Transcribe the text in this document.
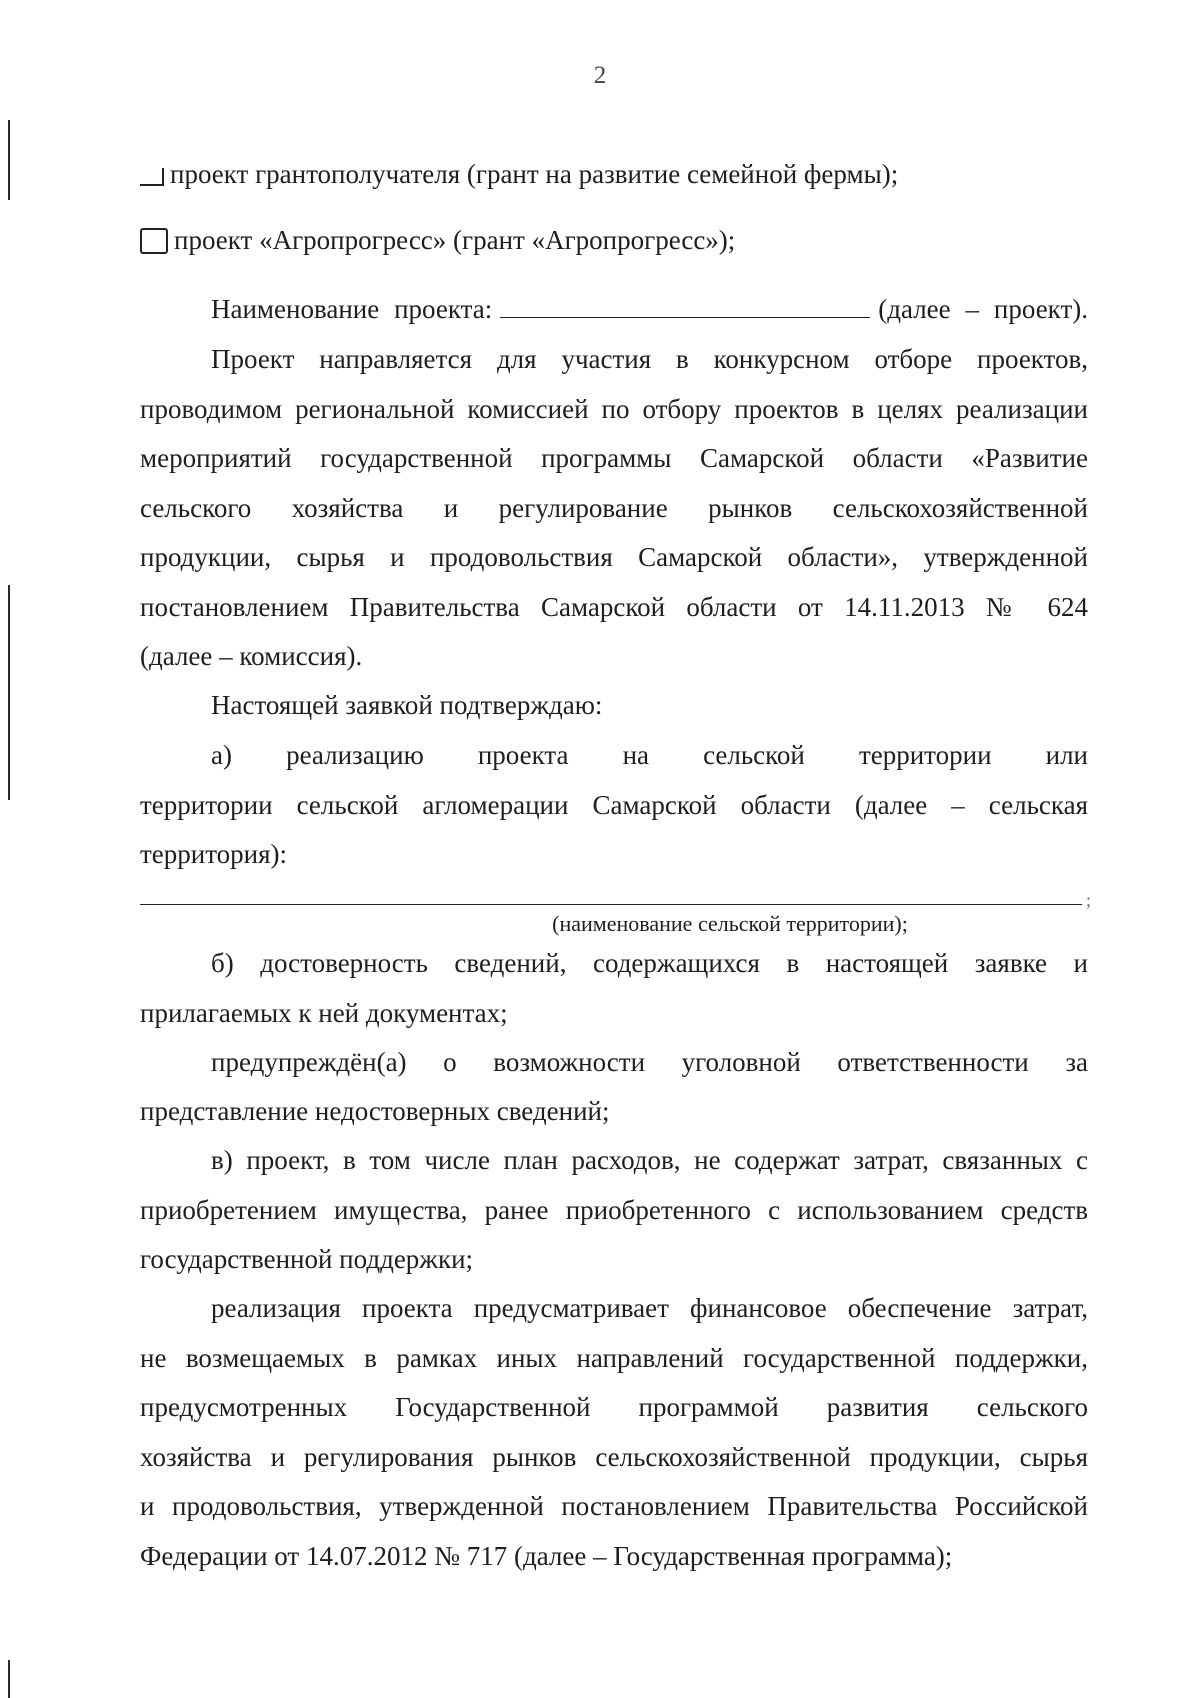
2
проект грантополучателя (грант на развитие семейной фермы);
проект «Агропрогресс» (грант «Агропрогресс»);
Наименование проекта:	(далее – проект).
Проект направляется для участия в конкурсном отборе проектов,
проводимом региональной комиссией по отбору проектов в целях реализации
мероприятий государственной программы Самарской области «Развитие
сельского хозяйства и регулирование рынков сельскохозяйственной
продукции, сырья и продовольствия Самарской области», утвержденной
постановлением Правительства Самарской области от 14.11.2013 № 624
(далее – комиссия).
Настоящей заявкой подтверждаю:
а) реализацию проекта на сельской территории или
территории сельской агломерации Самарской области (далее – сельская
территория):
;
(наименование сельской территории);
б) достоверность сведений, содержащихся в настоящей заявке и
прилагаемых к ней документах;
предупреждён(а) о возможности уголовной ответственности за
представление недостоверных сведений;
в) проект, в том числе план расходов, не содержат затрат, связанных с
приобретением имущества, ранее приобретенного с использованием средств
государственной поддержки;
реализация проекта предусматривает финансовое обеспечение затрат,
не возмещаемых в рамках иных направлений государственной поддержки,
предусмотренных Государственной программой развития сельского
хозяйства и регулирования рынков сельскохозяйственной продукции, сырья
и продовольствия, утвержденной постановлением Правительства Российской
Федерации от 14.07.2012 № 717 (далее – Государственная программа);
